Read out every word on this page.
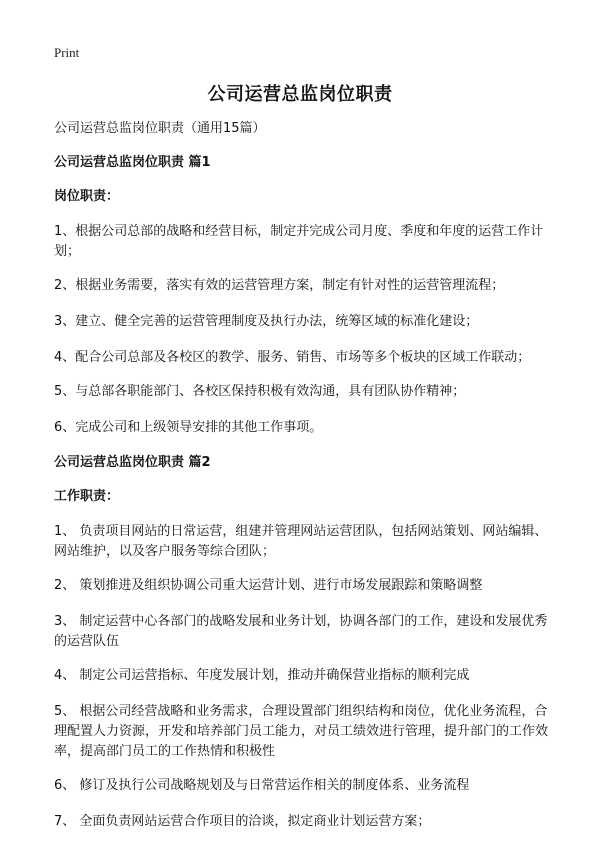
Print
公司运营总监岗位职责
公司运营总监岗位职责（通用15篇）
公司运营总监岗位职责 篇1
岗位职责：
1、根据公司总部的战略和经营目标，制定并完成公司月度、季度和年度的运营工作计划；
2、根据业务需要，落实有效的运营管理方案，制定有针对性的运营管理流程；
3、建立、健全完善的运营管理制度及执行办法，统筹区域的标准化建设；
4、配合公司总部及各校区的教学、服务、销售、市场等多个板块的区域工作联动；
5、与总部各职能部门、各校区保持积极有效沟通，具有团队协作精神；
6、完成公司和上级领导安排的其他工作事项。
公司运营总监岗位职责 篇2
工作职责：
1、 负责项目网站的日常运营，组建并管理网站运营团队，包括网站策划、网站编辑、网站维护，以及客户服务等综合团队；
2、 策划推进及组织协调公司重大运营计划、进行市场发展跟踪和策略调整
3、 制定运营中心各部门的战略发展和业务计划，协调各部门的工作，建设和发展优秀的运营队伍
4、 制定公司运营指标、年度发展计划，推动并确保营业指标的顺利完成
5、 根据公司经营战略和业务需求，合理设置部门组织结构和岗位，优化业务流程，合理配置人力资源，开发和培养部门员工能力，对员工绩效进行管理，提升部门的工作效率，提高部门员工的工作热情和积极性
6、 修订及执行公司战略规划及与日常营运作相关的制度体系、业务流程
7、 全面负责网站运营合作项目的洽谈，拟定商业计划运营方案；
